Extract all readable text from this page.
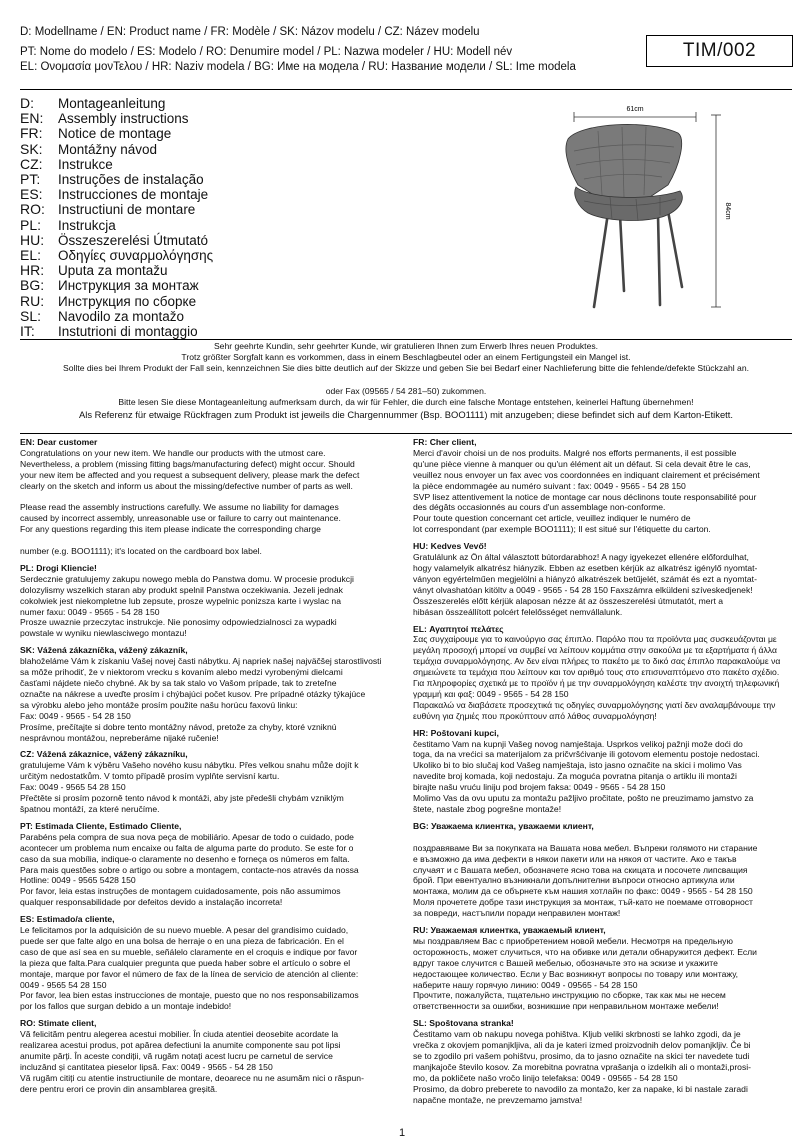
D: Modellname / EN: Product name / FR: Modèle / SK: Názov modelu / CZ: Název modelu
PT: Nome do modelo / ES: Modelo / RO: Denumire model / PL: Nazwa modeler / HU: Modell név
EL: Ονομασία μονΤελου / HR: Naziv modela / BG: Име на модела / RU: Название модели / SL: Ime modela
TIM/002
D:	Montageanleitung
EN:	Assembly instructions
FR:	Notice de montage
SK:	Montážny návod
CZ:	Instrukce
PT:	Instruções de instalação
ES:	Instrucciones de montaje
RO: Instructiuni de montare
PL:	Instrukcja
HU:	Összeszerelési Útmutató
EL:	Οδηγίες συναρμολόγησης
HR:	Uputa za montažu
BG:	Инструкция за монтаж
RU:	Инструкция по сборке
SL:	Navodilo za montažo
IT:	Instutrioni di montaggio
61cm
84cm

Sehr geehrte Kundin, sehr geehrter Kunde, wir gratulieren Ihnen zum Erwerb Ihres neuen Produktes.

Trotz größter Sorgfalt kann es vorkommen, dass in einem Beschlagbeutel oder an einem Fertigungsteil ein Mangel ist.

Sollte dies bei Ihrem Produkt der Fall sein, kennzeichnen Sie dies bitte deutlich auf der Skizze und geben Sie bei Bedarf einer Nachlieferung bitte die fehlende/defekte Stückzahl an.

oder Fax (09565 / 54 281–50) zukommen.

Bitte lesen Sie diese Montageanleitung aufmerksam durch, da wir für Fehler, die durch eine falsche Montage entstehen, keinerlei Haftung übernehmen!

Als Referenz für etwaige Rückfragen zum Produkt ist jeweils die Chargennummer (Bsp. BOO1111) mit anzugeben; diese befindet sich auf dem Karton-Etikett.

EN: Dear customer
Congratulations on your new item. We handle our products with the utmost care.
Nevertheless, a problem (missing fitting bags/manufacturing defect) might occur. Should
your new item be affected and you request a subsequent delivery, please mark the defect
clearly on the sketch and inform us about the missing/defective number of parts as well.
Please read the assembly instructions carefully. We assume no liability for damages
caused by incorrect assembly, unreasonable use or failure to carry out maintenance.
For any questions regarding this item please indicate the corresponding charge
number (e.g. BOO1111); it's located on the cardboard box label.
PL: Drogi Kliencie!
Serdecznie gratulujemy zakupu nowego mebla do Panstwa domu. W procesie produkcji
dolozylismy wszelkich staran aby produkt spelnil Panstwa oczekiwania. Jezeli jednak
cokolwiek jest niekompletne lub zepsute, prosze wypelnic ponizsza karte i wyslac na
numer faxu: 0049 - 9565 - 54 28 150
Prosze uwaznie przeczytac instrukcje. Nie ponosimy odpowiedzialnosci za wypadki
powstale w wyniku niewlasciwego montazu!
SK: Vážená zákazníčka, vážený zákazník,
blahoželáme Vám k získaniu Vašej novej časti nábytku. Aj napriek našej najväčšej starostlivosti
sa môže prihodiť, že v niektorom vrecku s kovaním alebo medzi vyrobenými dielcami
časťami nájdete niečo chybné. Ak by sa tak stalo vo Vašom prípade, tak to zreteľne
označte na nákrese a uveďte prosím i chýbajúci počet kusov. Pre prípadné otázky týkajúce
sa výrobku alebo jeho montáže prosím použite našu horúcu faxovú linku:
Fax: 0049 - 9565 - 54 28 150
Prosíme, prečítajte si dobre tento montážny návod, pretože za chyby, ktoré vzniknú
nesprávnou montážou, nepreberáme nijaké ručenie!
CZ: Vážená zákaznice, vážený zákazníku,
gratulujeme Vám k výběru Vašeho nového kusu nábytku. Přes velkou snahu může dojít k
určitým nedostatkům. V tomto případě prosím vyplňte servisní kartu.
Fax: 0049 - 9565 54 28 150
Přečtěte si prosím pozorně tento návod k montáži, aby jste předešli chybám vzniklým
špatnou montáží, za které neručíme.
PT: Estimada Cliente, Estimado Cliente,
Parabéns pela compra de sua nova peça de mobiliário. Apesar de todo o cuidado, pode
acontecer um problema num encaixe ou falta de alguma parte do produto. Se este for o
caso da sua mobília, indique-o claramente no desenho e forneça os números em falta.
Para mais questões sobre o artigo ou sobre a montagem, contacte-nos através da nossa
Hotline: 0049 - 9565 5428 150
Por favor, leia estas instruções de montagem cuidadosamente, pois não assumimos
qualquer responsabilidade por defeitos devido a instalação incorreta!
ES: Estimado/a cliente,
Le felicitamos por la adquisición de su nuevo mueble. A pesar del grandisimo cuidado,
puede ser que falte algo en una bolsa de herraje o en una pieza de fabricación. En el
caso de que así sea en su mueble, señálelo claramente en el croquis e indique por favor
la pieza que falta.Para cualquier pregunta que pueda haber sobre el artículo o sobre el
montaje, marque por favor el número de fax de la línea de servicio de atención al cliente:
0049 - 9565 54 28 150
Por favor, lea bien estas instrucciones de montaje, puesto que no nos responsabilizamos
por los fallos que surgan debido a un montaje indebido!
RO: Stimate client,
Vă felicităm pentru alegerea acestui mobilier. În ciuda atentiei deosebite acordate la
realizarea acestui produs, pot apărea defectiuni la anumite componente sau pot lipsi
anumite părți. În aceste condiții, vă rugăm notați acest lucru pe carnetul de service
incluzând și cantitatea pieselor lipsă. Fax: 0049 - 9565 - 54 28 150
Vă rugăm citiți cu atentie instructiunile de montare, deoarece nu ne asumăm nici o răspun-
dere pentru erori ce provin din ansamblarea greșită.
FR: Cher client,
Merci d'avoir choisi un de nos produits. Malgré nos efforts permanents, il est possible
qu'une pièce vienne à manquer ou qu'un élément ait un défaut. Si cela devait être le cas,
veuillez nous envoyer un fax avec vos coordonnées en indiquant clairement et précisément
la pièce endommagée au numéro suivant : fax: 0049 - 9565 - 54 28 150
SVP lisez attentivement la notice de montage car nous déclinons toute responsabilité pour
des dégâts occasionnés au cours d'un assemblage non-conforme.
Pour toute question concernant cet article, veuillez indiquer le numéro de
lot correspondant (par exemple BOO1111); Il est situé sur l'étiquette du carton.
HU: Kedves Vevő!
Gratulálunk az Ön által választott bútordarabhoz! A nagy igyekezet ellenére előfordulhat,
hogy valamelyik alkatrész hiányzik. Ebben az esetben kérjük az alkatrész igénylő nyomtat-
ványon egyértelműen megjelölni a hiányzó alkatrészek betűjelét, számát és ezt a nyomtat-
ványt olvashatóan kitöltv a 0049 - 9565 - 54 28 150 Faxszámra elküldeni szíveskedjenek!
Összeszerelés előtt kérjük alaposan nézze át az összeszerelési útmutatót, mert a
hibásan összeállított polcért felelősséget nemvállalunk.
EL: Αγαπητοί πελάτες
Σας συγχαίρουμε για το καινούργιο σας έπιπλο. Παρόλο που τα προϊόντα μας συσκευάζονται με
μεγάλη προσοχή μπορεί να συμβεί να λείπουν κομμάτια στην σακούλα με τα εξαρτήματα ή άλλα
τεμάχια συναρμολόγησης. Αν δεν είναι πλήρες το πακέτο με το δικό σας έπιπλο παρακαλούμε να
σημειώνετε τα τεμάχια που λείπουν και τον αριθμό τους στο επισυναπτόμενο στο πακέτο σχέδιο.
Για πληροφορίες σχετικά με το προϊόν ή με την συναρμολόγηση καλέστε την ανοιχτή τηλεφωνική
γραμμή και φαξ: 0049 - 9565 - 54 28 150
Παρακαλώ να διαβάσετε προσεχτικά τις οδηγίες συναρμολόγησης γιατί δεν αναλαμβάνουμε την
ευθύνη για ζημιές που προκύπτουν από λάθος συναρμολόγηση!
HR: Poštovani kupci,
čestitamo Vam na kupnji Vašeg novog namještaja. Usprkos velikoj pažnji može doći do
toga, da na vrećici sa materijalom za pričvršćivanje ili gotovom elementu postoje nedostaci.
Ukoliko bi to bio slučaj kod Vašeg namještaja, isto jasno označite na skici i molimo Vas
navedite broj komada, koji nedostaju. Za moguća povratna pitanja o artiklu ili montaži
birajte našu vruću liniju pod brojem faksa: 0049 - 9565 - 54 28 150
Molimo Vas da ovu uputu za montažu pažljivo pročitate, pošto ne preuzimamo jamstvo za
štete, nastale zbog pogrešne montaže!
BG: Уважаема клиентка, уважаеми клиент,
поздравяваме Ви за покупката на Вашата нова мебел. Въпреки голямото ни старание
е възможно да има дефекти в някои пакети или на някоя от частите. Ако е такъв
случаят и с Вашата мебел, обозначете ясно това на скицата и посочете липсващия
брой. При евентуално възникнали допълнителни въпроси относно артикула или
монтажа, молим да се обърнете към нашия хотлайн по факс: 0049 - 9565 - 54 28 150
Моля прочетете добре тази инструкция за монтаж, тъй-като не поемаме отговорност
за повреди, настъпили поради неправилен монтаж!
RU: Уважаемая клиентка, уважаемый клиент,
мы поздравляем Вас с приобретением новой мебели. Несмотря на предельную
осторожность, может случиться, что на обивке или детали обнаружится дефект. Если
вдруг такое случится с Вашей мебелью, обозначьте это на эскизе и укажите
недостающее количество. Если у Вас возникнут вопросы по товару или монтажу,
наберите нашу горячую линию: 0049 - 09565 - 54 28 150
Прочтите, пожалуйста, тщательно инструкцию по сборке, так как мы не несем
ответственности за ошибки, возникшие при неправильном монтаже мебели!
SL: Spoštovana stranka!
Čestitamo vam ob nakupu novega pohištva. Kljub veliki skrbnosti se lahko zgodi, da je
vrečka z okovjem pomanjkljiva, ali da je kateri izmed proizvodnih delov pomanjkljiv. Če bi
se to zgodilo pri vašem pohištvu, prosimo, da to jasno označite na skici ter navedete tudi
manjkajoče število kosov. Za morebitna povratna vprašanja o izdelkih ali o montaži,prosi-
mo, da pokličete našo vročo linijo telefaksa: 0049 - 09565 - 54 28 150
Prosimo, da dobro preberete to navodilo za montažo, ker za napake, ki bi nastale zaradi
napačne montaže, ne prevzemamo jamstva!
1
